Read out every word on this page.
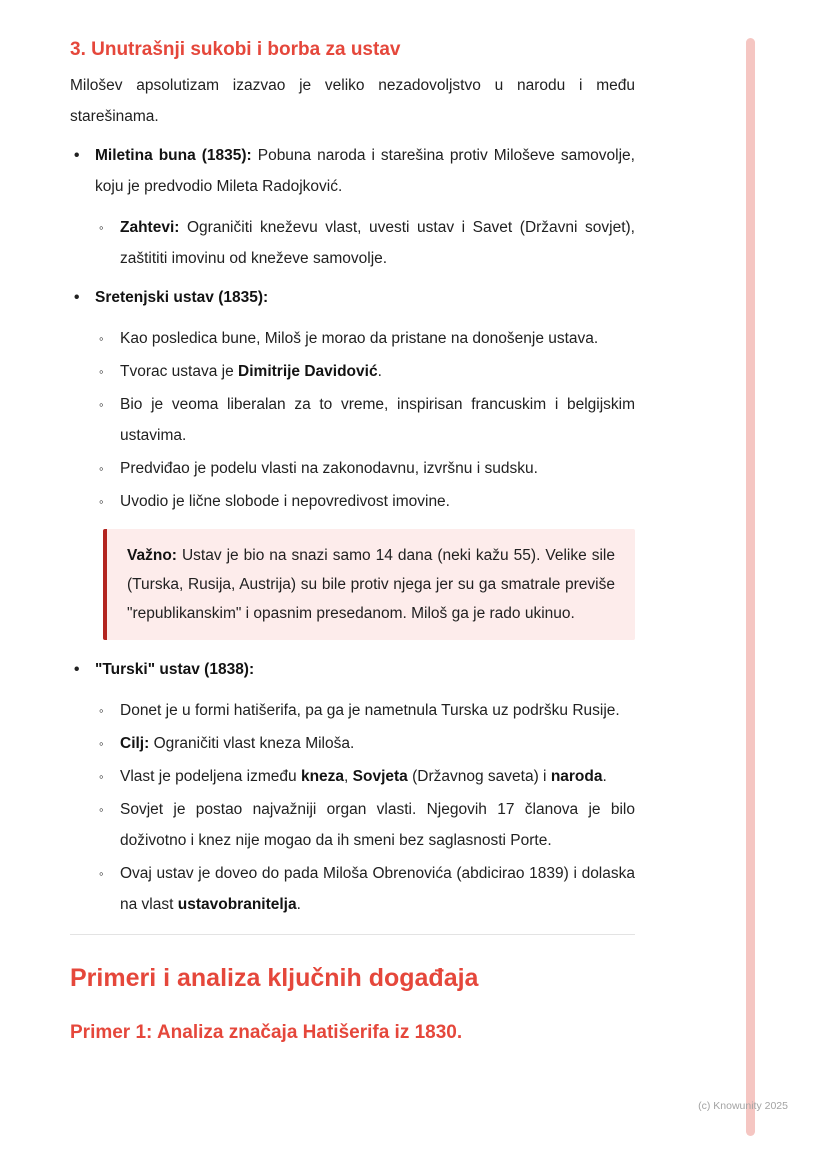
3. Unutrašnji sukobi i borba za ustav

Milošev apsolutizam izazvao je veliko nezadovoljstvo u narodu i među starešinama.

• Miletina buna (1835): Pobuna naroda i starešina protiv Miloševe samovolje, koju je predvodio Mileta Radojković.
◦ Zahtevi: Ograničiti kneževu vlast, uvesti ustav i Savet (Državni sovjet), zaštititi imovinu od kneževe samovolje.
• Sretenjski ustav (1835):
◦ Kao posledica bune, Miloš je morao da pristane na donošenje ustava.
◦ Tvorac ustava je Dimitrije Davidović.
◦ Bio je veoma liberalan za to vreme, inspirisan francuskim i belgijskim ustavima.
◦ Predviđao je podelu vlasti na zakonodavnu, izvršnu i sudsku.
◦ Uvodio je lične slobode i nepovredivost imovine.
Važno: Ustav je bio na snazi samo 14 dana (neki kažu 55). Velike sile (Turska, Rusija, Austrija) su bile protiv njega jer su ga smatrale previše "republikanskim" i opasnim presedanom. Miloš ga je rado ukinuo.
• "Turski" ustav (1838):
◦ Donet je u formi hatišerifa, pa ga je nametnula Turska uz podršku Rusije.
◦ Cilj: Ograničiti vlast kneza Miloša.
◦ Vlast je podeljena između kneza, Sovjeta (Državnog saveta) i naroda.
◦ Sovjet je postao najvažniji organ vlasti. Njegovih 17 članova je bilo doživotno i knez nije mogao da ih smeni bez saglasnosti Porte.
◦ Ovaj ustav je doveo do pada Miloša Obrenovića (abdicirao 1839) i dolaska na vlast ustavobranitelja.
Primeri i analiza ključnih događaja
Primer 1: Analiza značaja Hatišerifa iz 1830.
(c) Knowunity 2025
